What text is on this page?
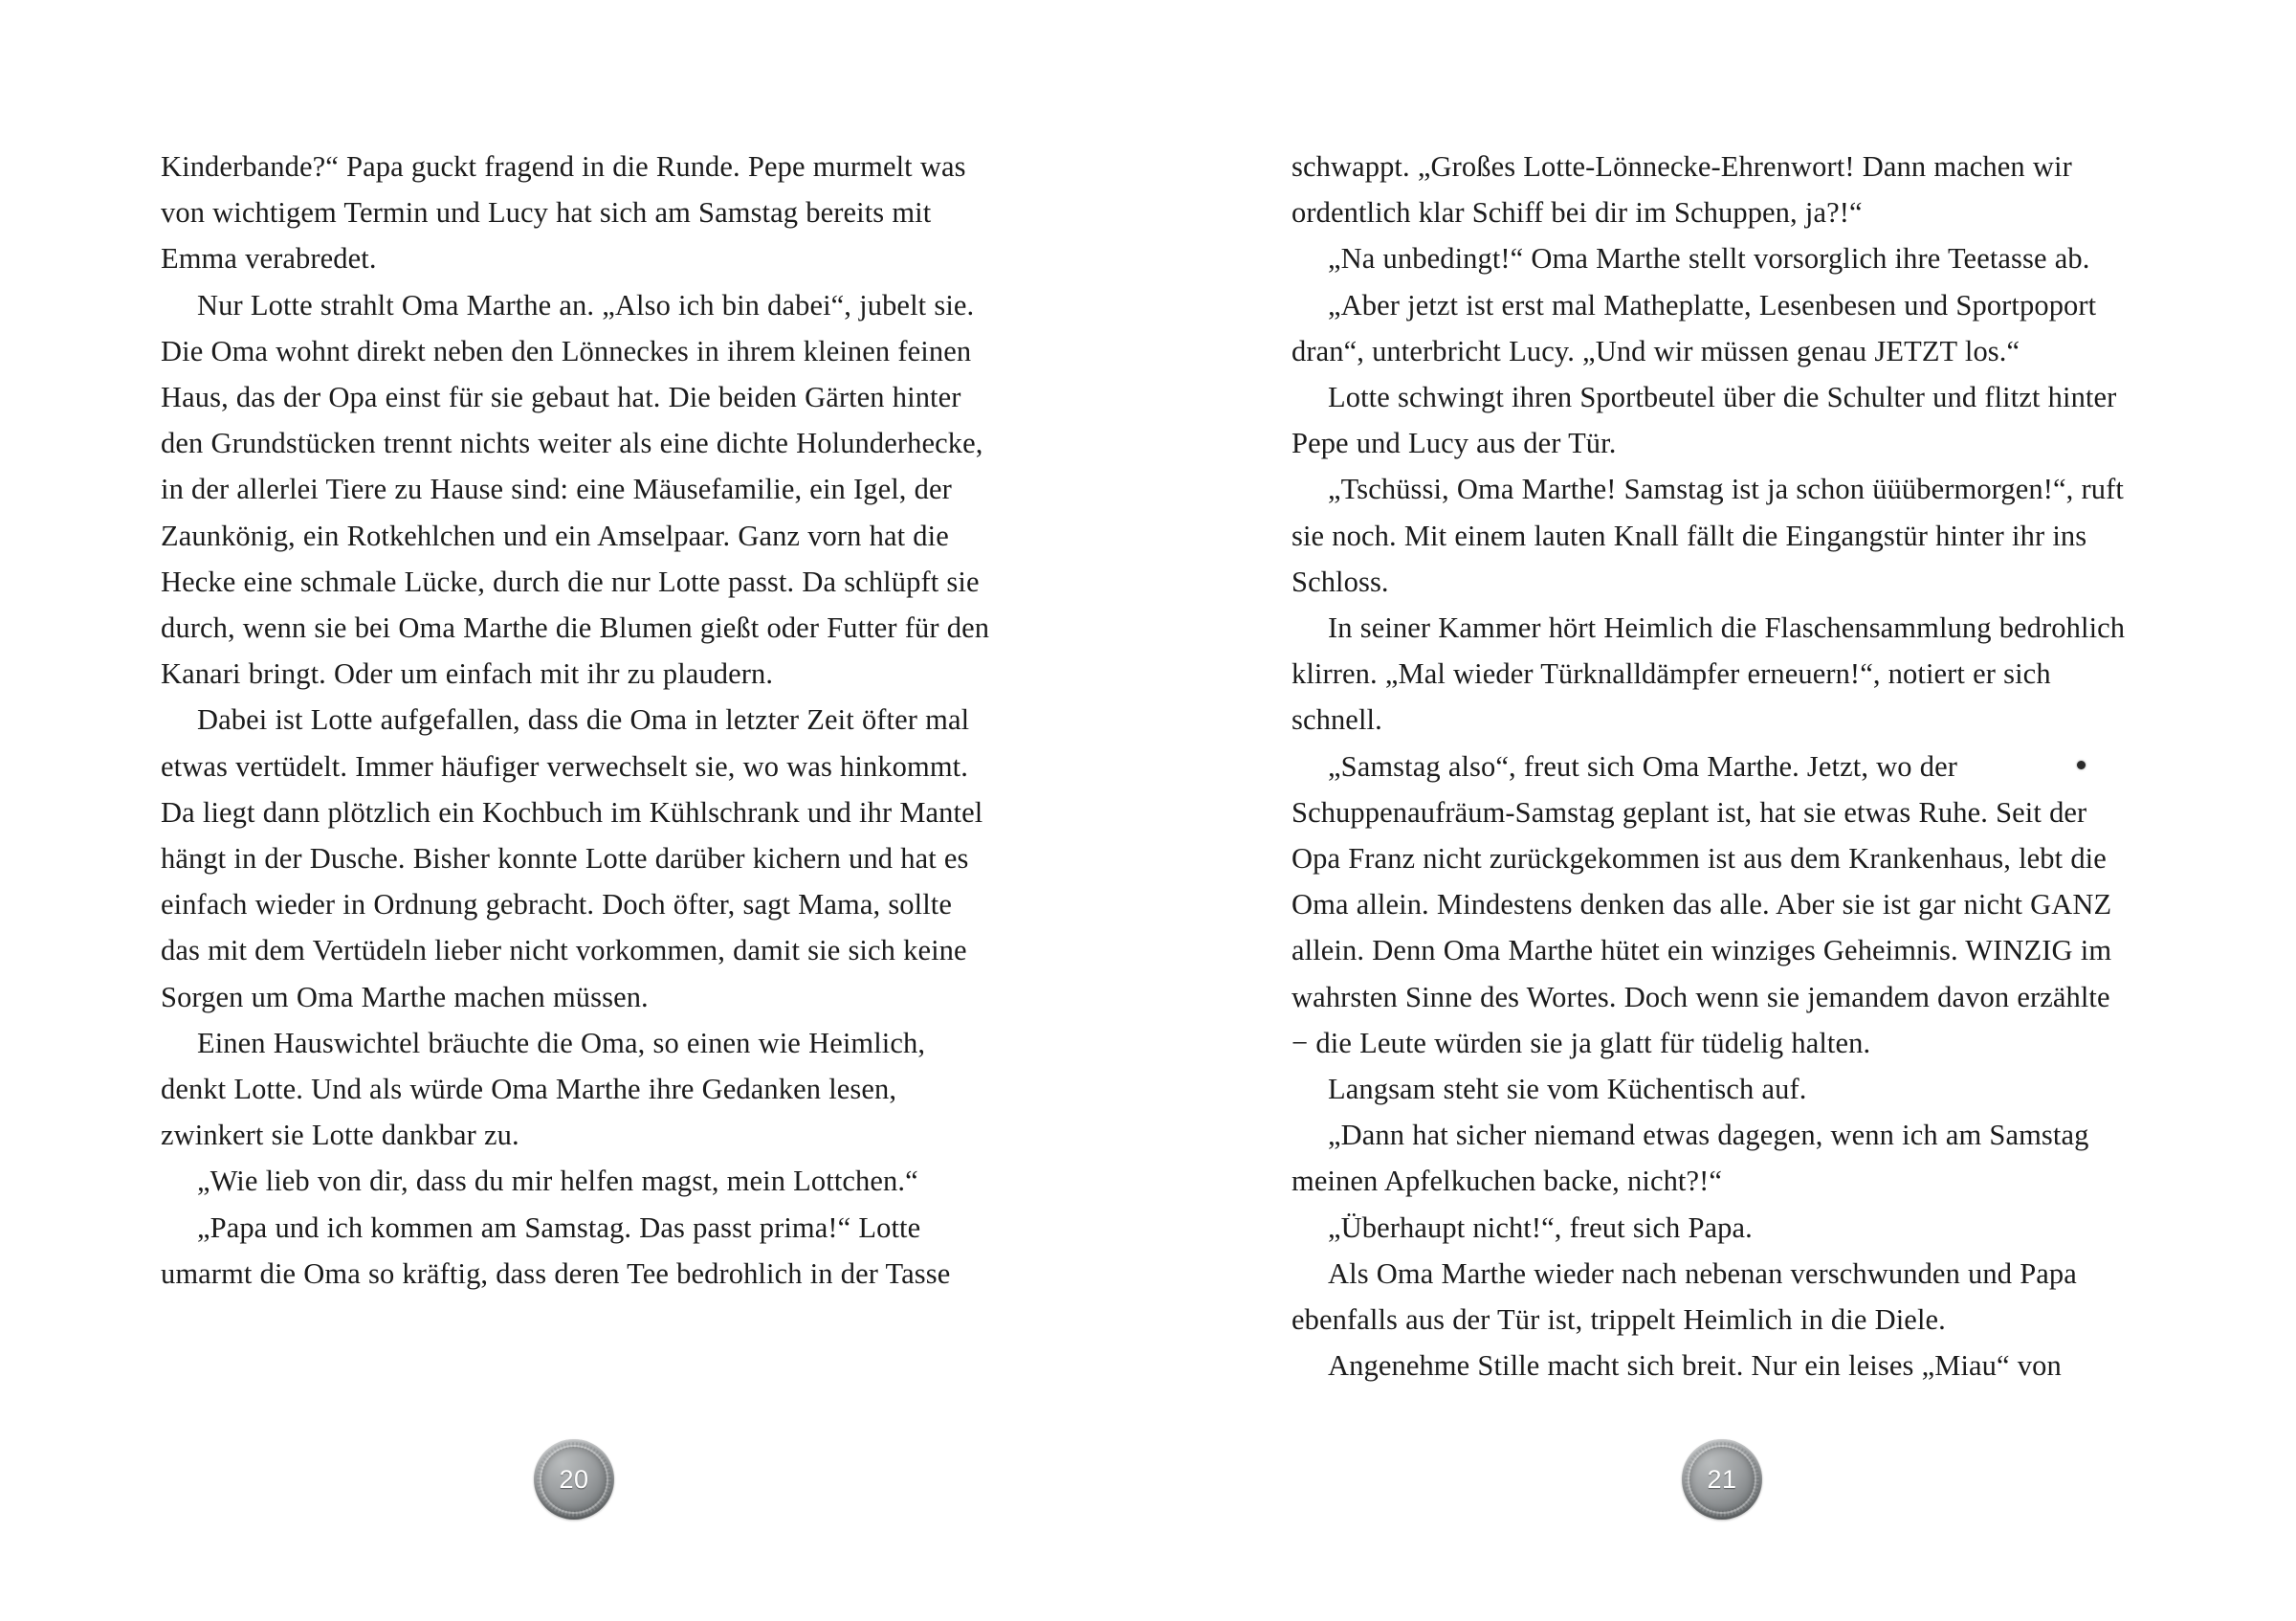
Kinderbande?“ Papa guckt fragend in die Runde. Pepe murmelt was von wichtigem Termin und Lucy hat sich am Samstag bereits mit Emma verabredet.

Nur Lotte strahlt Oma Marthe an. „Also ich bin dabei“, jubelt sie. Die Oma wohnt direkt neben den Lönneckes in ihrem kleinen feinen Haus, das der Opa einst für sie gebaut hat. Die beiden Gärten hinter den Grundstücken trennt nichts weiter als eine dichte Holunderhecke, in der allerlei Tiere zu Hause sind: eine Mäusefamilie, ein Igel, der Zaunkönig, ein Rotkehlchen und ein Amselpaar. Ganz vorn hat die Hecke eine schmale Lücke, durch die nur Lotte passt. Da schlüpft sie durch, wenn sie bei Oma Marthe die Blumen gießt oder Futter für den Kanari bringt. Oder um einfach mit ihr zu plaudern.

Dabei ist Lotte aufgefallen, dass die Oma in letzter Zeit öfter mal etwas vertüdelt. Immer häufiger verwechselt sie, wo was hinkommt. Da liegt dann plötzlich ein Kochbuch im Kühlschrank und ihr Mantel hängt in der Dusche. Bisher konnte Lotte darüber kichern und hat es einfach wieder in Ordnung gebracht. Doch öfter, sagt Mama, sollte das mit dem Vertüdeln lieber nicht vorkommen, damit sie sich keine Sorgen um Oma Marthe machen müssen.

Einen Hauswichtel bräuchte die Oma, so einen wie Heimlich, denkt Lotte. Und als würde Oma Marthe ihre Gedanken lesen, zwinkert sie Lotte dankbar zu.

„Wie lieb von dir, dass du mir helfen magst, mein Lottchen.“

„Papa und ich kommen am Samstag. Das passt prima!“ Lotte umarmt die Oma so kräftig, dass deren Tee bedrohlich in der Tasse

20

schwappt. „Großes Lotte-Lönnecke-Ehrenwort! Dann machen wir ordentlich klar Schiff bei dir im Schuppen, ja?!“

„Na unbedingt!“ Oma Marthe stellt vorsorglich ihre Teetasse ab.

„Aber jetzt ist erst mal Matheplatte, Lesenbesen und Sportpoport dran“, unterbricht Lucy. „Und wir müssen genau JETZT los.“

Lotte schwingt ihren Sportbeutel über die Schulter und flitzt hinter Pepe und Lucy aus der Tür.

„Tschüssi, Oma Marthe! Samstag ist ja schon üüübermorgen!“, ruft sie noch. Mit einem lauten Knall fällt die Eingangstür hinter ihr ins Schloss.

In seiner Kammer hört Heimlich die Flaschensammlung bedrohlich klirren. „Mal wieder Türknalldämpfer erneuern!“, notiert er sich schnell.

„Samstag also“, freut sich Oma Marthe. Jetzt, wo der Schuppenaufräum-Samstag geplant ist, hat sie etwas Ruhe. Seit der Opa Franz nicht zurückgekommen ist aus dem Krankenhaus, lebt die Oma allein. Mindestens denken das alle. Aber sie ist gar nicht GANZ allein. Denn Oma Marthe hütet ein winziges Geheimnis. WINZIG im wahrsten Sinne des Wortes. Doch wenn sie jemandem davon erzählte − die Leute würden sie ja glatt für tüdelig halten.

Langsam steht sie vom Küchentisch auf.

„Dann hat sicher niemand etwas dagegen, wenn ich am Samstag meinen Apfelkuchen backe, nicht?!“

„Überhaupt nicht!“, freut sich Papa.

Als Oma Marthe wieder nach nebenan verschwunden und Papa ebenfalls aus der Tür ist, trippelt Heimlich in die Diele.

Angenehme Stille macht sich breit. Nur ein leises „Miau“ von

21
